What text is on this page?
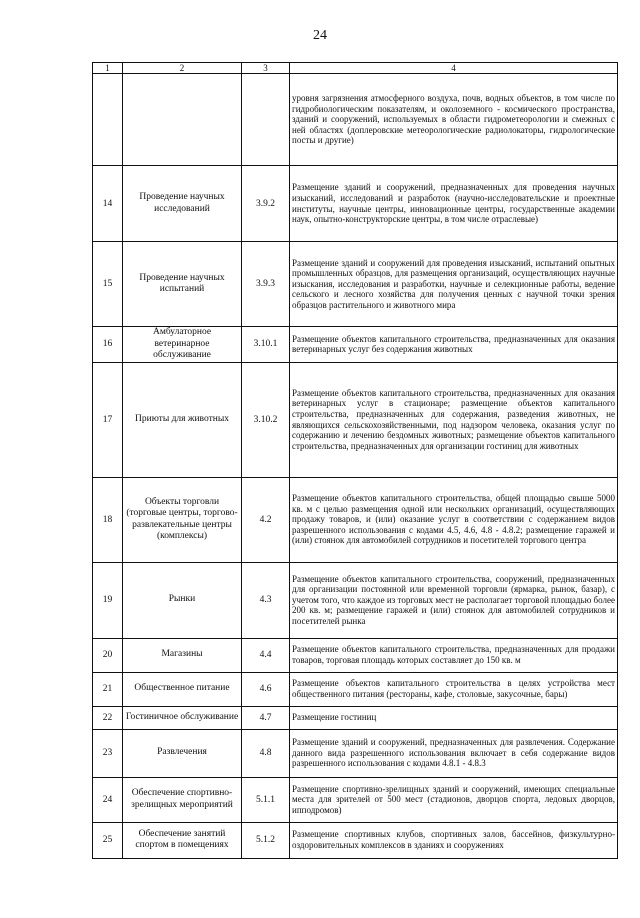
24
1	2	3	4
			уровня загрязнения атмосферного воздуха, почв, водных объектов, в том числе по гидробиологическим показателям, и околоземного - космического пространства, зданий и сооружений, используемых в области гидрометеорологии и смежных с ней областях (доплеровские метеорологические радиолокаторы, гидрологические посты и другие)
14	Проведение научных исследований	3.9.2	Размещение зданий и сооружений, предназначенных для проведения научных изысканий, исследований и разработок (научно-исследовательские и проектные институты, научные центры, инновационные центры, государственные академии наук, опытно-конструкторские центры, в том числе отраслевые)
15	Проведение научных испытаний	3.9.3	Размещение зданий и сооружений для проведения изысканий, испытаний опытных промышленных образцов, для размещения организаций, осуществляющих научные изыскания, исследования и разработки, научные и селекционные работы, ведение сельского и лесного хозяйства для получения ценных с научной точки зрения образцов растительного и животного мира
16	Амбулаторное ветеринарное обслуживание	3.10.1	Размещение объектов капитального строительства, предназначенных для оказания ветеринарных услуг без содержания животных
17	Приюты для животных	3.10.2	Размещение объектов капитального строительства, предназначенных для оказания ветеринарных услуг в стационаре; размещение объектов капитального строительства, предназначенных для содержания, разведения животных, не являющихся сельскохозяйственными, под надзором человека, оказания услуг по содержанию и лечению бездомных животных; размещение объектов капитального строительства, предназначенных для организации гостиниц для животных
18	Объекты торговли (торговые центры, торгово-развлекательные центры (комплексы)	4.2	Размещение объектов капитального строительства, общей площадью свыше 5000 кв. м с целью размещения одной или нескольких организаций, осуществляющих продажу товаров, и (или) оказание услуг в соответствии с содержанием видов разрешенного использования с кодами 4.5, 4.6, 4.8 - 4.8.2; размещение гаражей и (или) стоянок для автомобилей сотрудников и посетителей торгового центра
19	Рынки	4.3	Размещение объектов капитального строительства, сооружений, предназначенных для организации постоянной или временной торговли (ярмарка, рынок, базар), с учетом того, что каждое из торговых мест не располагает торговой площадью более 200 кв. м; размещение гаражей и (или) стоянок для автомобилей сотрудников и посетителей рынка
20	Магазины	4.4	Размещение объектов капитального строительства, предназначенных для продажи товаров, торговая площадь которых составляет до 150 кв. м
21	Общественное питание	4.6	Размещение объектов капитального строительства в целях устройства мест общественного питания (рестораны, кафе, столовые, закусочные, бары)
22	Гостиничное обслуживание	4.7	Размещение гостиниц
23	Развлечения	4.8	Размещение зданий и сооружений, предназначенных для развлечения. Содержание данного вида разрешенного использования включает в себя содержание видов разрешенного использования с кодами 4.8.1 - 4.8.3
24	Обеспечение спортивно-зрелищных мероприятий	5.1.1	Размещение спортивно-зрелищных зданий и сооружений, имеющих специальные места для зрителей от 500 мест (стадионов, дворцов спорта, ледовых дворцов, ипподромов)
25	Обеспечение занятий спортом в помещениях	5.1.2	Размещение спортивных клубов, спортивных залов, бассейнов, физкультурно-оздоровительных комплексов в зданиях и сооружениях
